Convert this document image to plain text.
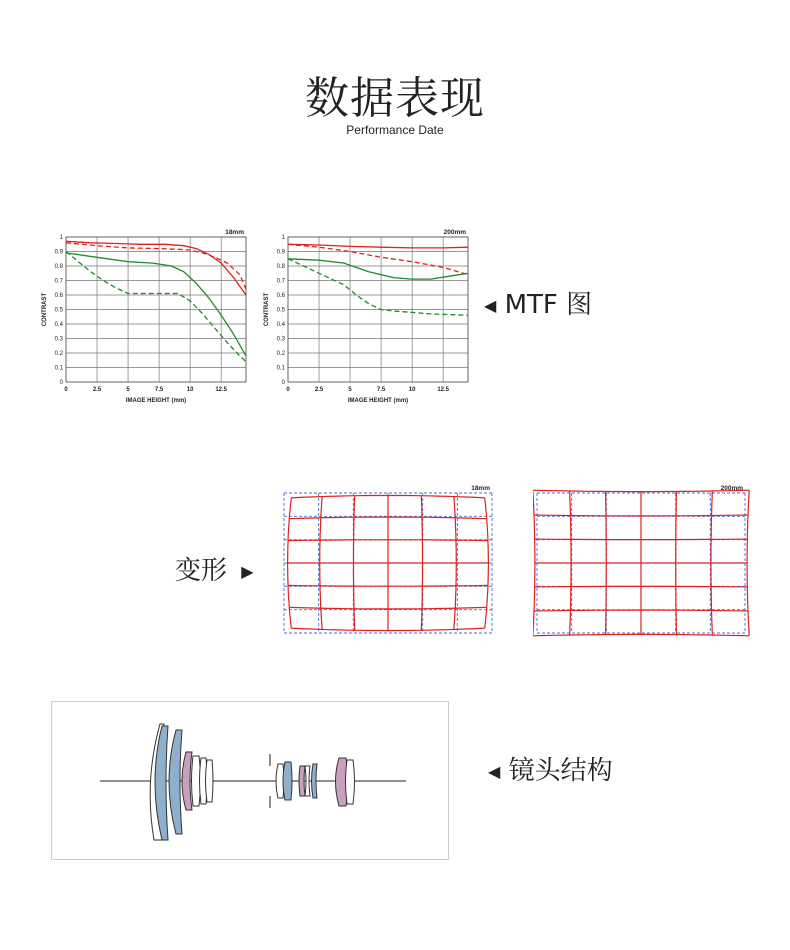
数据表现
Performance Date
0
0.1
0.2
0.3
0.4
0.5
0.6
0.7
0.8
0.9
1
0	2.5	5	7.5	10	12.5
18mm
IMAGE HEIGHT (mm)
CONTRAST
0
0.1
0.2
0.3
0.4
0.5
0.6
0.7
0.8
0.9
1
0	2.5	5	7.5	10	12.5
200mm
IMAGE HEIGHT (mm)
CONTRAST	◀ MTF 图
变形 ▶
18mm	200mm
◀ 镜头结构
